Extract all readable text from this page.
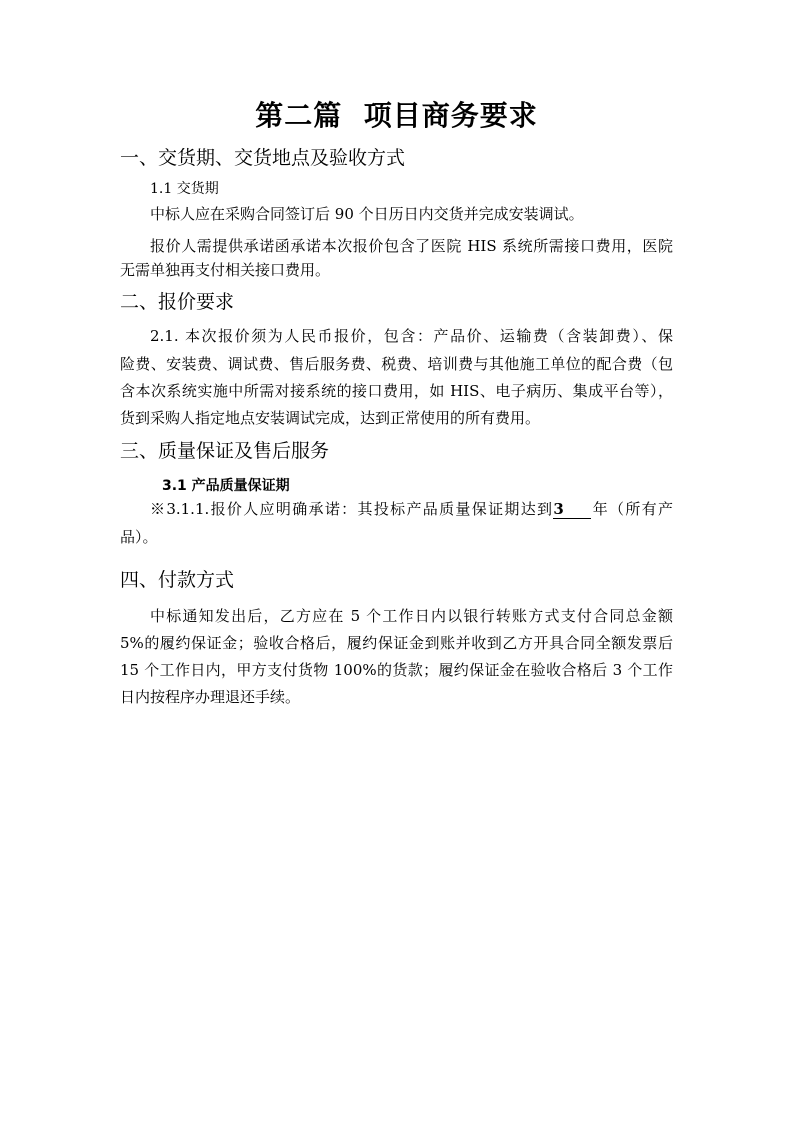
第二篇  项目商务要求
一、交货期、交货地点及验收方式
1.1 交货期
中标人应在采购合同签订后 90 个日历日内交货并完成安装调试。
报价人需提供承诺函承诺本次报价包含了医院 HIS 系统所需接口费用，医院
无需单独再支付相关接口费用。
二、报价要求
2.1. 本次报价须为人民币报价，包含：产品价、运输费（含装卸费）、保
险费、安装费、调试费、售后服务费、税费、培训费与其他施工单位的配合费（包
含本次系统实施中所需对接系统的接口费用，如 HIS、电子病历、集成平台等），
货到采购人指定地点安装调试完成，达到正常使用的所有费用。
三、质量保证及售后服务
3.1 产品质量保证期
※3.1.1.报价人应明确承诺：其投标产品质量保证期达到3 年（所有产
品）。
四、付款方式
中标通知发出后，乙方应在 5 个工作日内以银行转账方式支付合同总金额
5%的履约保证金；验收合格后，履约保证金到账并收到乙方开具合同全额发票后
15 个工作日内，甲方支付货物 100%的货款；履约保证金在验收合格后 3 个工作
日内按程序办理退还手续。
